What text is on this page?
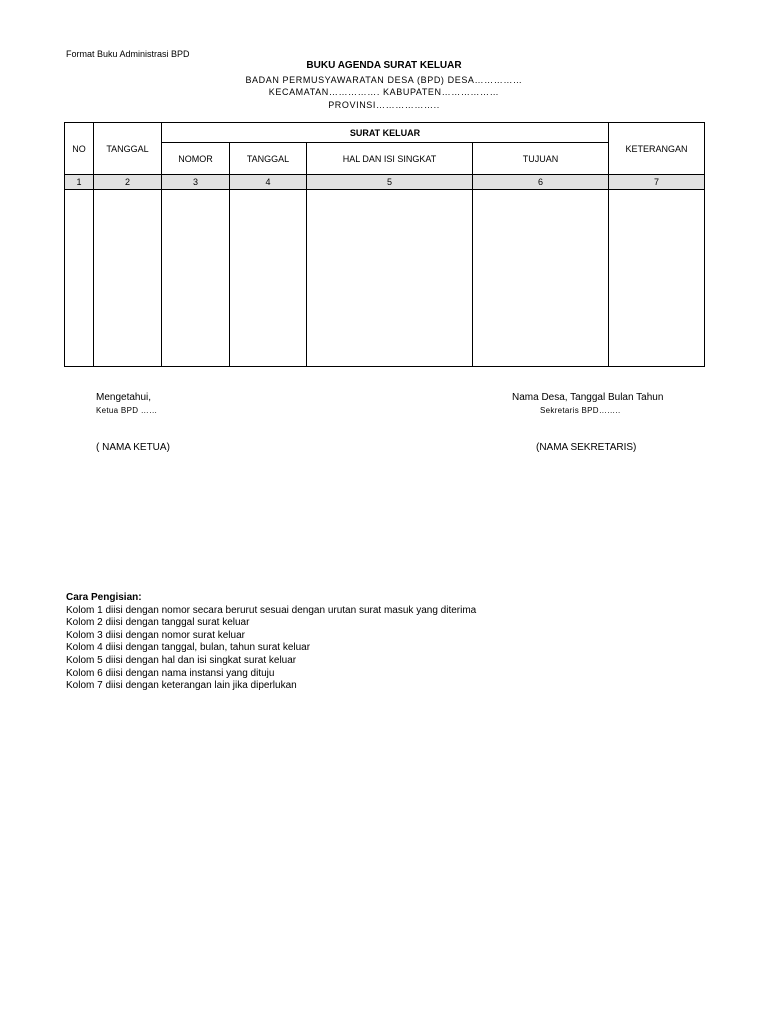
Format Buku Administrasi BPD
BUKU AGENDA SURAT KELUAR
BADAN PERMUSYAWARATAN DESA (BPD) DESA……………
KECAMATAN……………. KABUPATEN………………
PROVINSI………………..
NO	TANGGAL	SURAT KELUAR				KETERANGAN
		NOMOR	TANGGAL	HAL DAN ISI SINGKAT	TUJUAN	
1	2	3	4	5	6	7

Mengetahui,
Ketua BPD ……
( NAMA KETUA)
Nama Desa, Tanggal Bulan Tahun
Sekretaris BPD……..
(NAMA SEKRETARIS)
Cara Pengisian:
Kolom 1 diisi dengan nomor secara berurut sesuai dengan urutan surat masuk yang diterima
Kolom 2 diisi dengan tanggal surat keluar
Kolom 3 diisi dengan nomor surat keluar
Kolom 4 diisi dengan tanggal, bulan, tahun surat keluar
Kolom 5 diisi dengan hal dan isi singkat surat keluar
Kolom 6 diisi dengan nama instansi yang dituju
Kolom 7 diisi dengan keterangan lain jika diperlukan
